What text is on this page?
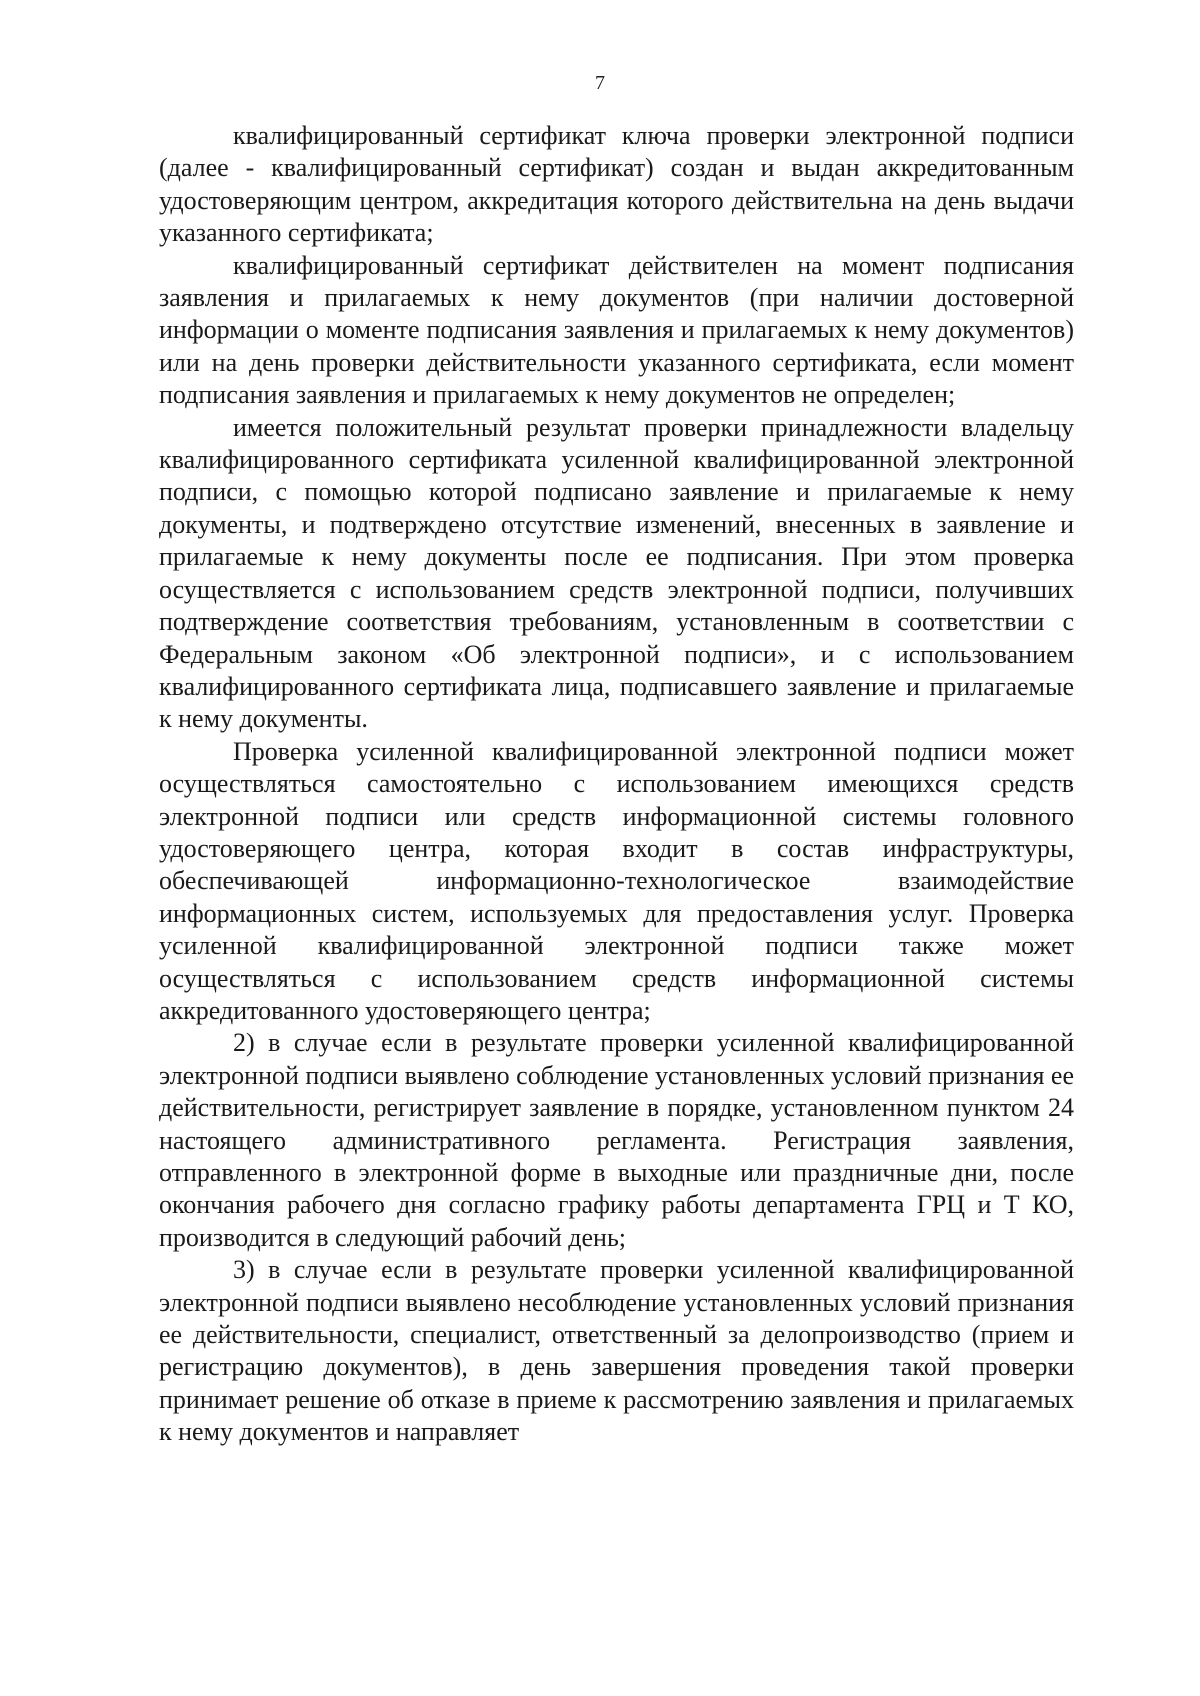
7

квалифицированный сертификат ключа проверки электронной подписи (далее - квалифицированный сертификат) создан и выдан аккредитованным удостоверяющим центром, аккредитация которого действительна на день выдачи указанного сертификата;

квалифицированный сертификат действителен на момент подписания заявления и прилагаемых к нему документов (при наличии достоверной информации о моменте подписания заявления и прилагаемых к нему документов) или на день проверки действительности указанного сертификата, если момент подписания заявления и прилагаемых к нему документов не определен;

имеется положительный результат проверки принадлежности владельцу квалифицированного сертификата усиленной квалифицированной электронной подписи, с помощью которой подписано заявление и прилагаемые к нему документы, и подтверждено отсутствие изменений, внесенных в заявление и прилагаемые к нему документы после ее подписания. При этом проверка осуществляется с использованием средств электронной подписи, получивших подтверждение соответствия требованиям, установленным в соответствии с Федеральным законом «Об электронной подписи», и с использованием квалифицированного сертификата лица, подписавшего заявление и прилагаемые к нему документы.

Проверка усиленной квалифицированной электронной подписи может осуществляться самостоятельно с использованием имеющихся средств электронной подписи или средств информационной системы головного удостоверяющего центра, которая входит в состав инфраструктуры, обеспечивающей информационно-технологическое взаимодействие информационных систем, используемых для предоставления услуг. Проверка усиленной квалифицированной электронной подписи также может осуществляться с использованием средств информационной системы аккредитованного удостоверяющего центра;

2) в случае если в результате проверки усиленной квалифицированной электронной подписи выявлено соблюдение установленных условий признания ее действительности, регистрирует заявление в порядке, установленном пунктом 24 настоящего административного регламента. Регистрация заявления, отправленного в электронной форме в выходные или праздничные дни, после окончания рабочего дня согласно графику работы департамента ГРЦ и Т КО, производится в следующий рабочий день;

3) в случае если в результате проверки усиленной квалифицированной электронной подписи выявлено несоблюдение установленных условий признания ее действительности, специалист, ответственный за делопроизводство (прием и регистрацию документов), в день завершения проведения такой проверки принимает решение об отказе в приеме к рассмотрению заявления и прилагаемых к нему документов и направляет
